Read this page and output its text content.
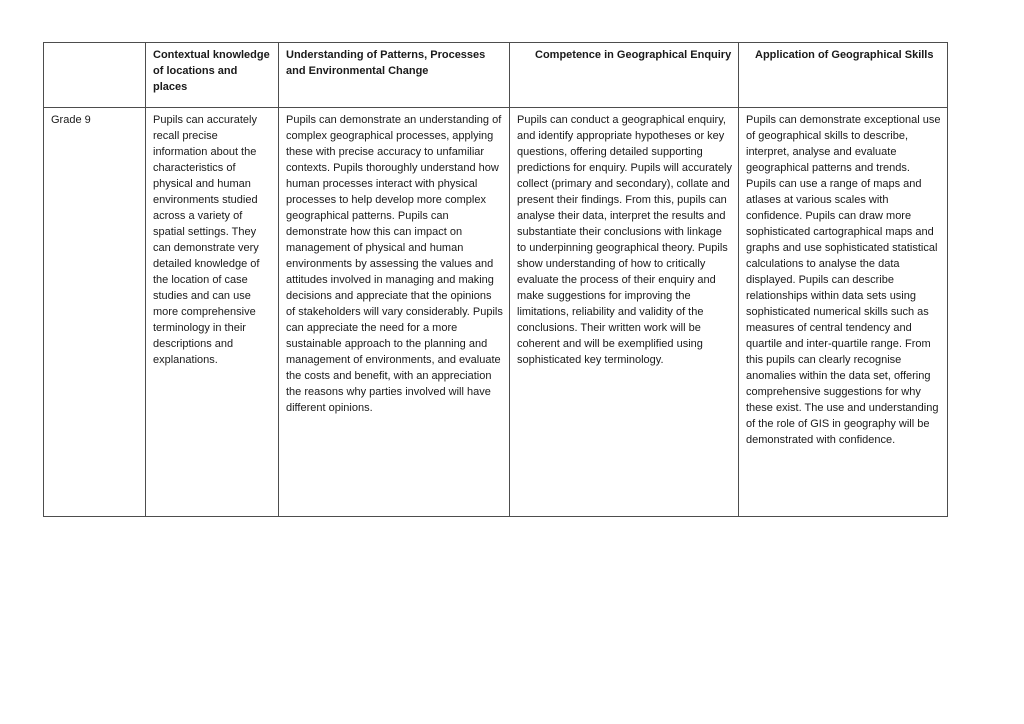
	Contextual knowledge of locations and places	Understanding of Patterns, Processes and Environmental Change	Competence in Geographical Enquiry	Application of Geographical Skills
Grade 9	Pupils can accurately recall precise information about the characteristics of physical and human environments studied across a variety of spatial settings. They can demonstrate very detailed knowledge of the location of case studies and can use more comprehensive terminology in their descriptions and explanations.	Pupils can demonstrate an understanding of complex geographical processes, applying these with precise accuracy to unfamiliar contexts. Pupils thoroughly understand how human processes interact with physical processes to help develop more complex geographical patterns. Pupils can demonstrate how this can impact on management of physical and human environments by assessing the values and attitudes involved in managing and making decisions and appreciate that the opinions of stakeholders will vary considerably. Pupils can appreciate the need for a more sustainable approach to the planning and management of environments, and evaluate the costs and benefit, with an appreciation the reasons why parties involved will have different opinions.	Pupils can conduct a geographical enquiry, and identify appropriate hypotheses or key questions, offering detailed supporting predictions for enquiry. Pupils will accurately collect (primary and secondary), collate and present their findings. From this, pupils can analyse their data, interpret the results and substantiate their conclusions with linkage to underpinning geographical theory. Pupils show understanding of how to critically evaluate the process of their enquiry and make suggestions for improving the limitations, reliability and validity of the conclusions. Their written work will be coherent and will be exemplified using sophisticated key terminology.	Pupils can demonstrate exceptional use of geographical skills to describe, interpret, analyse and evaluate geographical patterns and trends. Pupils can use a range of maps and atlases at various scales with confidence. Pupils can draw more sophisticated cartographical maps and graphs and use sophisticated statistical calculations to analyse the data displayed. Pupils can describe relationships within data sets using sophisticated numerical skills such as measures of central tendency and quartile and inter-quartile range. From this pupils can clearly recognise anomalies within the data set, offering comprehensive suggestions for why these exist. The use and understanding of the role of GIS in geography will be demonstrated with confidence.
